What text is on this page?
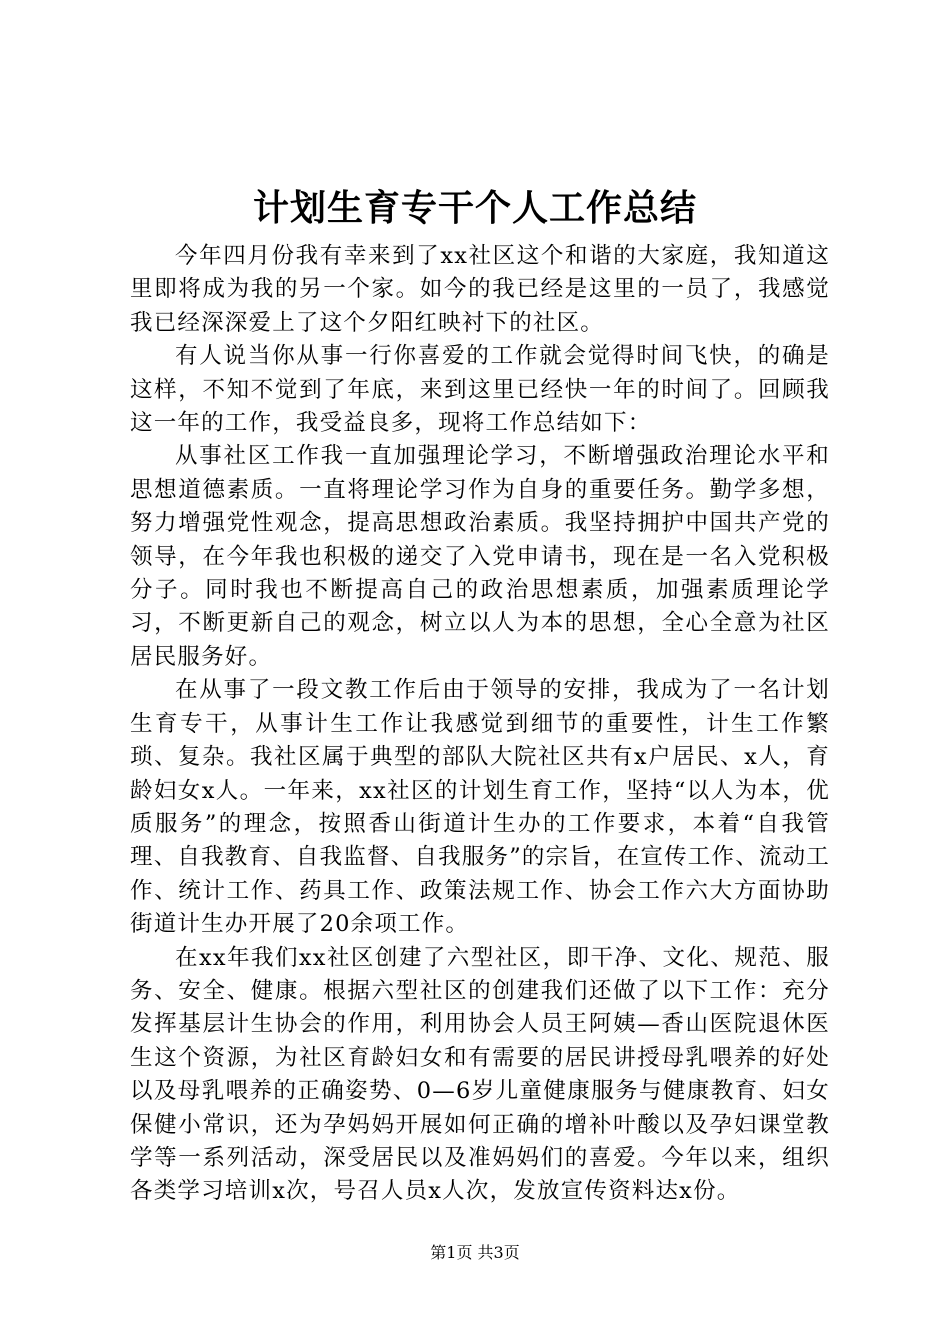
计划生育专干个人工作总结

今年四月份我有幸来到了xx社区这个和谐的大家庭，我知道这里即将成为我的另一个家。如今的我已经是这里的一员了，我感觉我已经深深爱上了这个夕阳红映衬下的社区。

有人说当你从事一行你喜爱的工作就会觉得时间飞快，的确是这样，不知不觉到了年底，来到这里已经快一年的时间了。回顾我这一年的工作，我受益良多，现将工作总结如下：

从事社区工作我一直加强理论学习，不断增强政治理论水平和思想道德素质。一直将理论学习作为自身的重要任务。勤学多想，努力增强党性观念，提高思想政治素质。我坚持拥护中国共产党的领导，在今年我也积极的递交了入党申请书，现在是一名入党积极分子。同时我也不断提高自己的政治思想素质，加强素质理论学习，不断更新自己的观念，树立以人为本的思想，全心全意为社区居民服务好。

在从事了一段文教工作后由于领导的安排，我成为了一名计划生育专干，从事计生工作让我感觉到细节的重要性，计生工作繁琐、复杂。我社区属于典型的部队大院社区共有x户居民、x人，育龄妇女x人。一年来，xx社区的计划生育工作，坚持“以人为本，优质服务”的理念，按照香山街道计生办的工作要求，本着“自我管理、自我教育、自我监督、自我服务”的宗旨，在宣传工作、流动工作、统计工作、药具工作、政策法规工作、协会工作六大方面协助街道计生办开展了20余项工作。

在xx年我们xx社区创建了六型社区，即干净、文化、规范、服务、安全、健康。根据六型社区的创建我们还做了以下工作：充分发挥基层计生协会的作用，利用协会人员王阿姨—香山医院退休医生这个资源，为社区育龄妇女和有需要的居民讲授母乳喂养的好处以及母乳喂养的正确姿势、0—6岁儿童健康服务与健康教育、妇女保健小常识，还为孕妈妈开展如何正确的增补叶酸以及孕妇课堂教学等一系列活动，深受居民以及准妈妈们的喜爱。今年以来，组织各类学习培训x次，号召人员x人次，发放宣传资料达x份。

第1页 共3页
